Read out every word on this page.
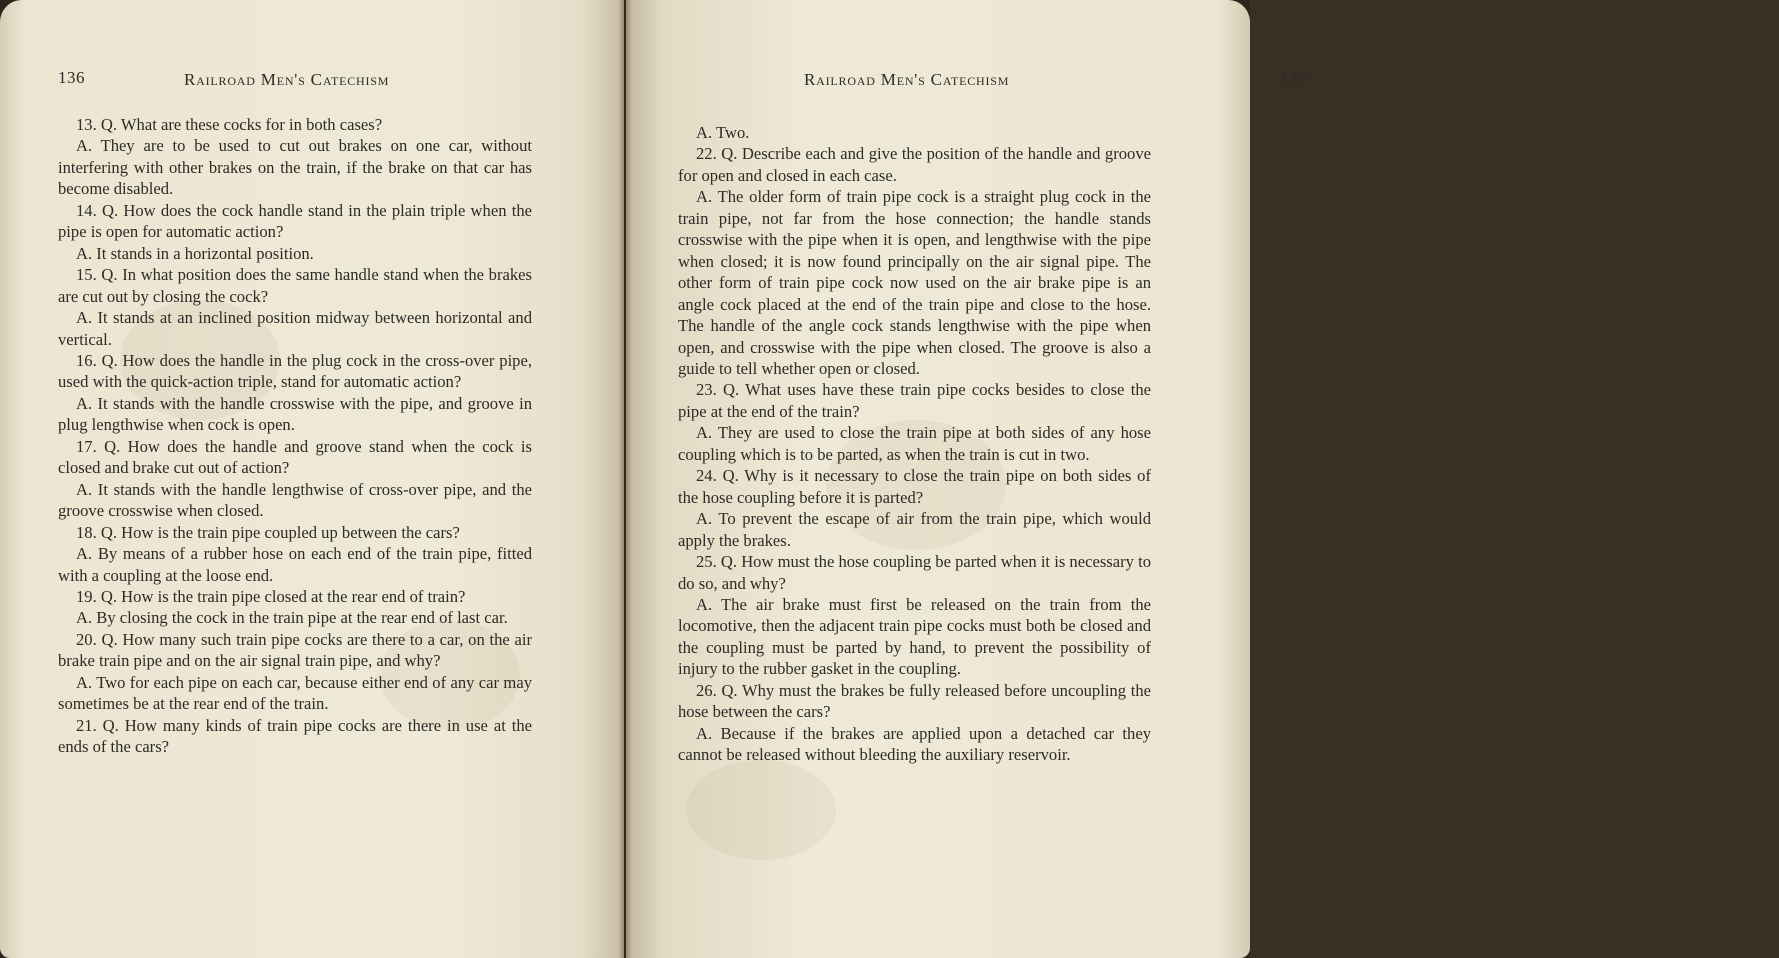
136	Railroad Men's Catechism

13. Q. What are these cocks for in both cases?

A. They are to be used to cut out brakes on one car, without interfering with other brakes on the train, if the brake on that car has become disabled.

14. Q. How does the cock handle stand in the plain triple when the pipe is open for automatic action?

A. It stands in a horizontal position.

15. Q. In what position does the same handle stand when the brakes are cut out by closing the cock?

A. It stands at an inclined position midway between horizontal and vertical.

16. Q. How does the handle in the plug cock in the cross-over pipe, used with the quick-action triple, stand for automatic action?

A. It stands with the handle crosswise with the pipe, and groove in plug lengthwise when cock is open.

17. Q. How does the handle and groove stand when the cock is closed and brake cut out of action?

A. It stands with the handle lengthwise of cross-over pipe, and the groove crosswise when closed.

18. Q. How is the train pipe coupled up between the cars?

A. By means of a rubber hose on each end of the train pipe, fitted with a coupling at the loose end.

19. Q. How is the train pipe closed at the rear end of train?

A. By closing the cock in the train pipe at the rear end of last car.

20. Q. How many such train pipe cocks are there to a car, on the air brake train pipe and on the air signal train pipe, and why?

A. Two for each pipe on each car, because either end of any car may sometimes be at the rear end of the train.

21. Q. How many kinds of train pipe cocks are there in use at the ends of the cars?

Railroad Men's Catechism	137

A. Two.

22. Q. Describe each and give the position of the handle and groove for open and closed in each case.

A. The older form of train pipe cock is a straight plug cock in the train pipe, not far from the hose connection; the handle stands crosswise with the pipe when it is open, and lengthwise with the pipe when closed; it is now found principally on the air signal pipe. The other form of train pipe cock now used on the air brake pipe is an angle cock placed at the end of the train pipe and close to the hose. The handle of the angle cock stands lengthwise with the pipe when open, and crosswise with the pipe when closed. The groove is also a guide to tell whether open or closed.

23. Q. What uses have these train pipe cocks besides to close the pipe at the end of the train?

A. They are used to close the train pipe at both sides of any hose coupling which is to be parted, as when the train is cut in two.

24. Q. Why is it necessary to close the train pipe on both sides of the hose coupling before it is parted?

A. To prevent the escape of air from the train pipe, which would apply the brakes.

25. Q. How must the hose coupling be parted when it is necessary to do so, and why?

A. The air brake must first be released on the train from the locomotive, then the adjacent train pipe cocks must both be closed and the coupling must be parted by hand, to prevent the possibility of injury to the rubber gasket in the coupling.

26. Q. Why must the brakes be fully released before uncoupling the hose between the cars?

A. Because if the brakes are applied upon a detached car they cannot be released without bleeding the auxiliary reservoir.
